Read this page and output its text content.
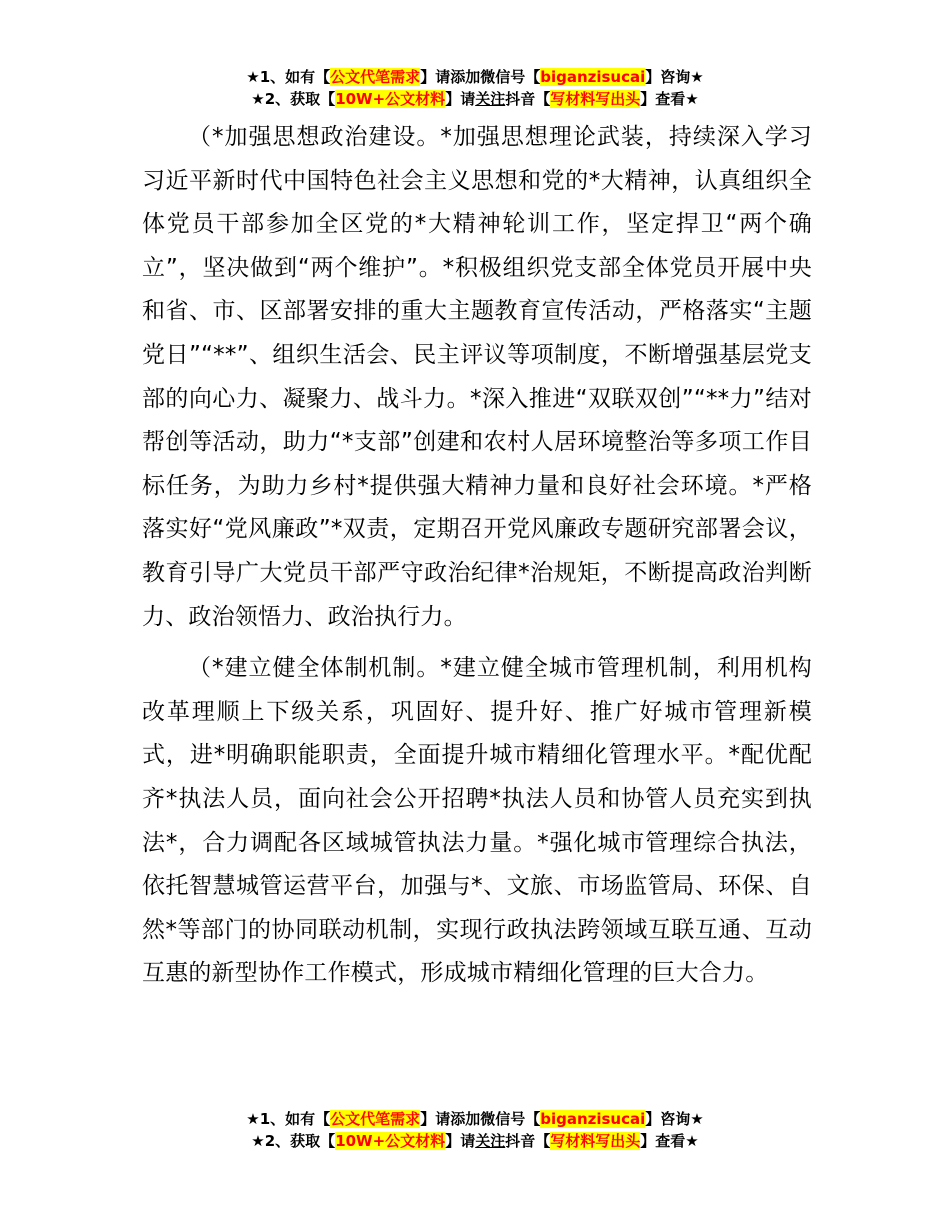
★1、如有【公文代笔需求】请添加微信号【biganzisucai】咨询★
★2、获取【10W+公文材料】请关注抖音【写材料写出头】查看★

（*加强思想政治建设。*加强思想理论武装，持续深入学习习近平新时代中国特色社会主义思想和党的*大精神，认真组织全体党员干部参加全区党的*大精神轮训工作，坚定捍卫“两个确立”，坚决做到“两个维护”。*积极组织党支部全体党员开展中央和省、市、区部署安排的重大主题教育宣传活动，严格落实“主题党日”“**”、组织生活会、民主评议等项制度，不断增强基层党支部的向心力、凝聚力、战斗力。*深入推进“双联双创”“**力”结对帮创等活动，助力“*支部”创建和农村人居环境整治等多项工作目标任务，为助力乡村*提供强大精神力量和良好社会环境。*严格落实好“党风廉政”*双责，定期召开党风廉政专题研究部署会议，教育引导广大党员干部严守政治纪律*治规矩，不断提高政治判断力、政治领悟力、政治执行力。

（*建立健全体制机制。*建立健全城市管理机制，利用机构改革理顺上下级关系，巩固好、提升好、推广好城市管理新模式，进*明确职能职责，全面提升城市精细化管理水平。*配优配齐*执法人员，面向社会公开招聘*执法人员和协管人员充实到执法*，合力调配各区域城管执法力量。*强化城市管理综合执法，依托智慧城管运营平台，加强与*、文旅、市场监管局、环保、自然*等部门的协同联动机制，实现行政执法跨领域互联互通、互动互惠的新型协作工作模式，形成城市精细化管理的巨大合力。

★1、如有【公文代笔需求】请添加微信号【biganzisucai】咨询★
★2、获取【10W+公文材料】请关注抖音【写材料写出头】查看★
